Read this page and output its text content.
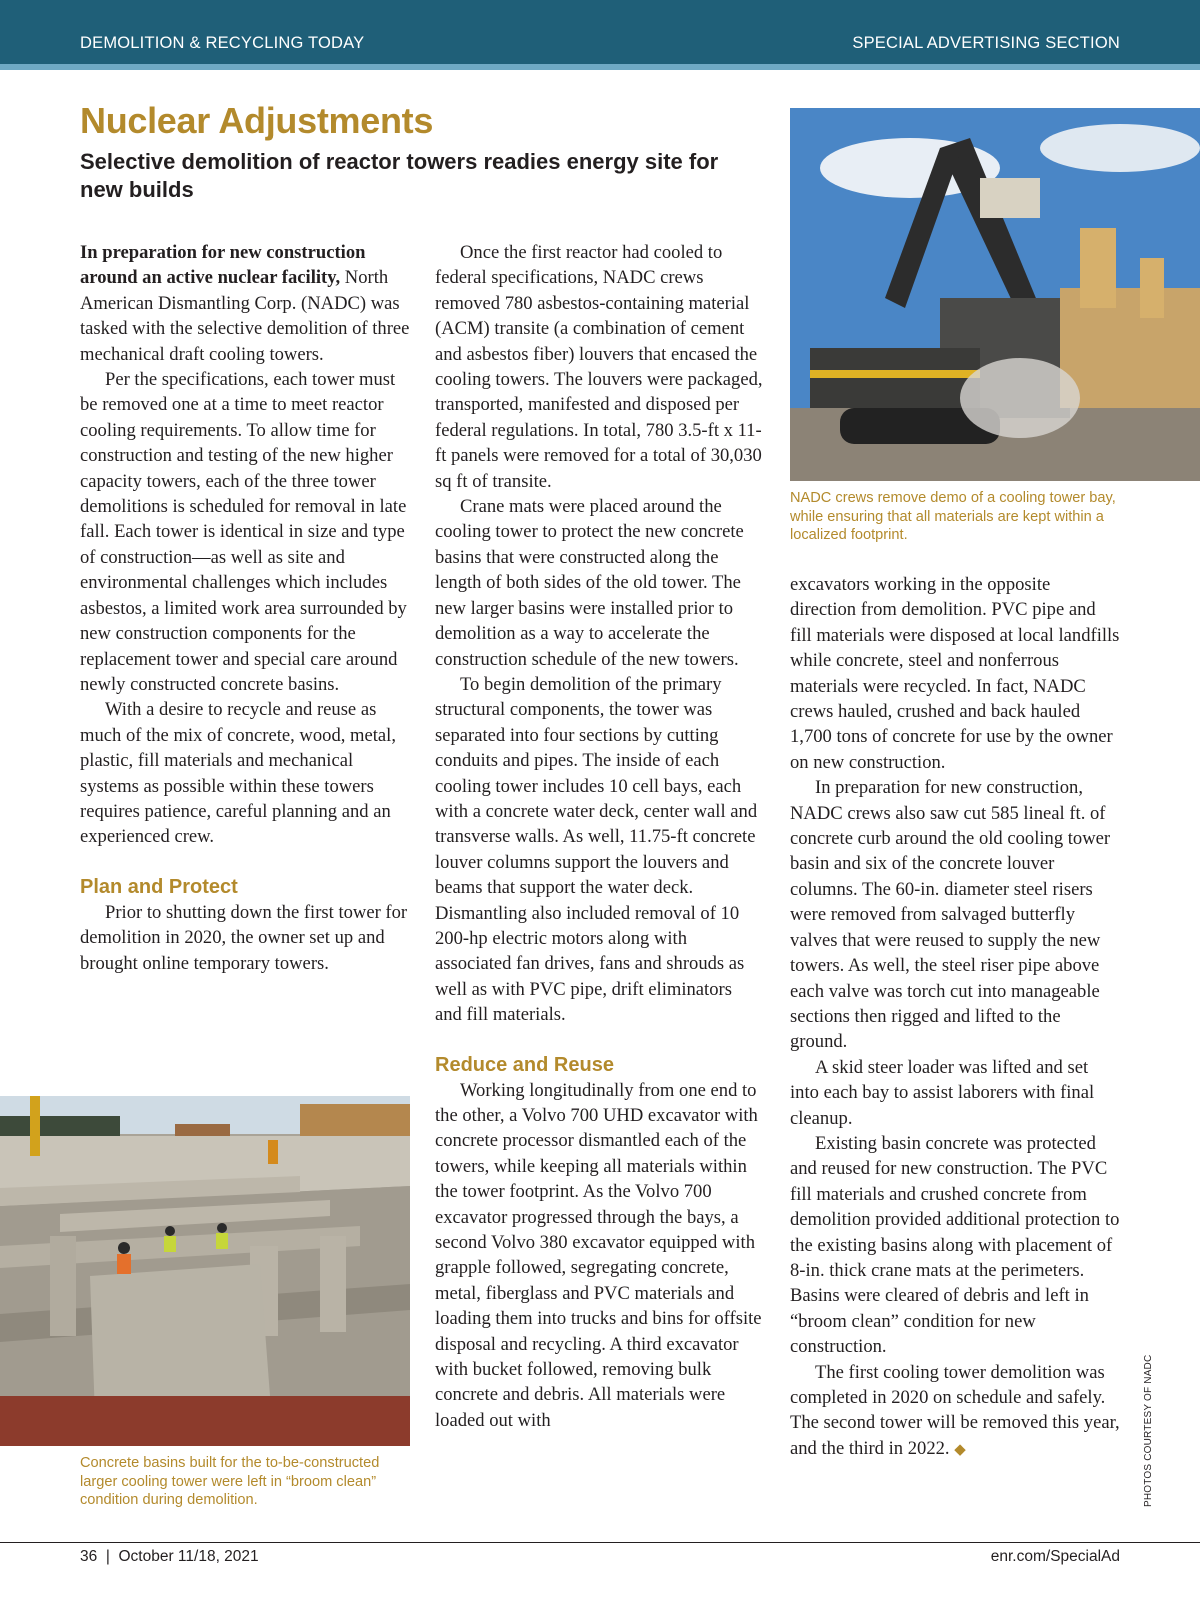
DEMOLITION & RECYCLING TODAY	SPECIAL ADVERTISING SECTION
Nuclear Adjustments
Selective demolition of reactor towers readies energy site for new builds

In preparation for new construction around an active nuclear facility, North American Dismantling Corp. (NADC) was tasked with the selective demolition of three mechanical draft cooling towers.

Per the specifications, each tower must be removed one at a time to meet reactor cooling requirements. To allow time for construction and testing of the new higher capacity towers, each of the three tower demolitions is scheduled for removal in late fall. Each tower is identical in size and type of construction—as well as site and environmental challenges which includes asbestos, a limited work area surrounded by new construction components for the replacement tower and special care around newly constructed concrete basins.

With a desire to recycle and reuse as much of the mix of concrete, wood, metal, plastic, fill materials and mechanical systems as possible within these towers requires patience, careful planning and an experienced crew.

Plan and Protect

Prior to shutting down the first tower for demolition in 2020, the owner set up and brought online temporary towers.

Once the first reactor had cooled to federal specifications, NADC crews removed 780 asbestos-containing material (ACM) transite (a combination of cement and asbestos fiber) louvers that encased the cooling towers. The louvers were packaged, transported, manifested and disposed per federal regulations. In total, 780 3.5-ft x 11-ft panels were removed for a total of 30,030 sq ft of transite.

Crane mats were placed around the cooling tower to protect the new concrete basins that were constructed along the length of both sides of the old tower. The new larger basins were installed prior to demolition as a way to accelerate the construction schedule of the new towers.

To begin demolition of the primary structural components, the tower was separated into four sections by cutting conduits and pipes. The inside of each cooling tower includes 10 cell bays, each with a concrete water deck, center wall and transverse walls. As well, 11.75-ft concrete louver columns support the louvers and beams that support the water deck. Dismantling also included removal of 10 200-hp electric motors along with associated fan drives, fans and shrouds as well as with PVC pipe, drift eliminators and fill materials.

Reduce and Reuse

Working longitudinally from one end to the other, a Volvo 700 UHD excavator with concrete processor dismantled each of the towers, while keeping all materials within the tower footprint. As the Volvo 700 excavator progressed through the bays, a second Volvo 380 excavator equipped with grapple followed, segregating concrete, metal, fiberglass and PVC materials and loading them into trucks and bins for offsite disposal and recycling. A third excavator with bucket followed, removing bulk concrete and debris. All materials were loaded out with

excavators working in the opposite direction from demolition. PVC pipe and fill materials were disposed at local landfills while concrete, steel and nonferrous materials were recycled. In fact, NADC crews hauled, crushed and back hauled 1,700 tons of concrete for use by the owner on new construction.

In preparation for new construction, NADC crews also saw cut 585 lineal ft. of concrete curb around the old cooling tower basin and six of the concrete louver columns. The 60-in. diameter steel risers were removed from salvaged butterfly valves that were reused to supply the new towers. As well, the steel riser pipe above each valve was torch cut into manageable sections then rigged and lifted to the ground.

A skid steer loader was lifted and set into each bay to assist laborers with final cleanup.

Existing basin concrete was protected and reused for new construction. The PVC fill materials and crushed concrete from demolition provided additional protection to the existing basins along with placement of 8-in. thick crane mats at the perimeters. Basins were cleared of debris and left in “broom clean” condition for new construction.

The first cooling tower demolition was completed in 2020 on schedule and safely. The second tower will be removed this year, and the third in 2022. ◆

Concrete basins built for the to-be-constructed larger cooling tower were left in “broom clean” condition during demolition.
NADC crews remove demo of a cooling tower bay, while ensuring that all materials are kept within a localized footprint.
PHOTOS COURTESY OF NADC
36  |  October 11/18, 2021	enr.com/SpecialAd
